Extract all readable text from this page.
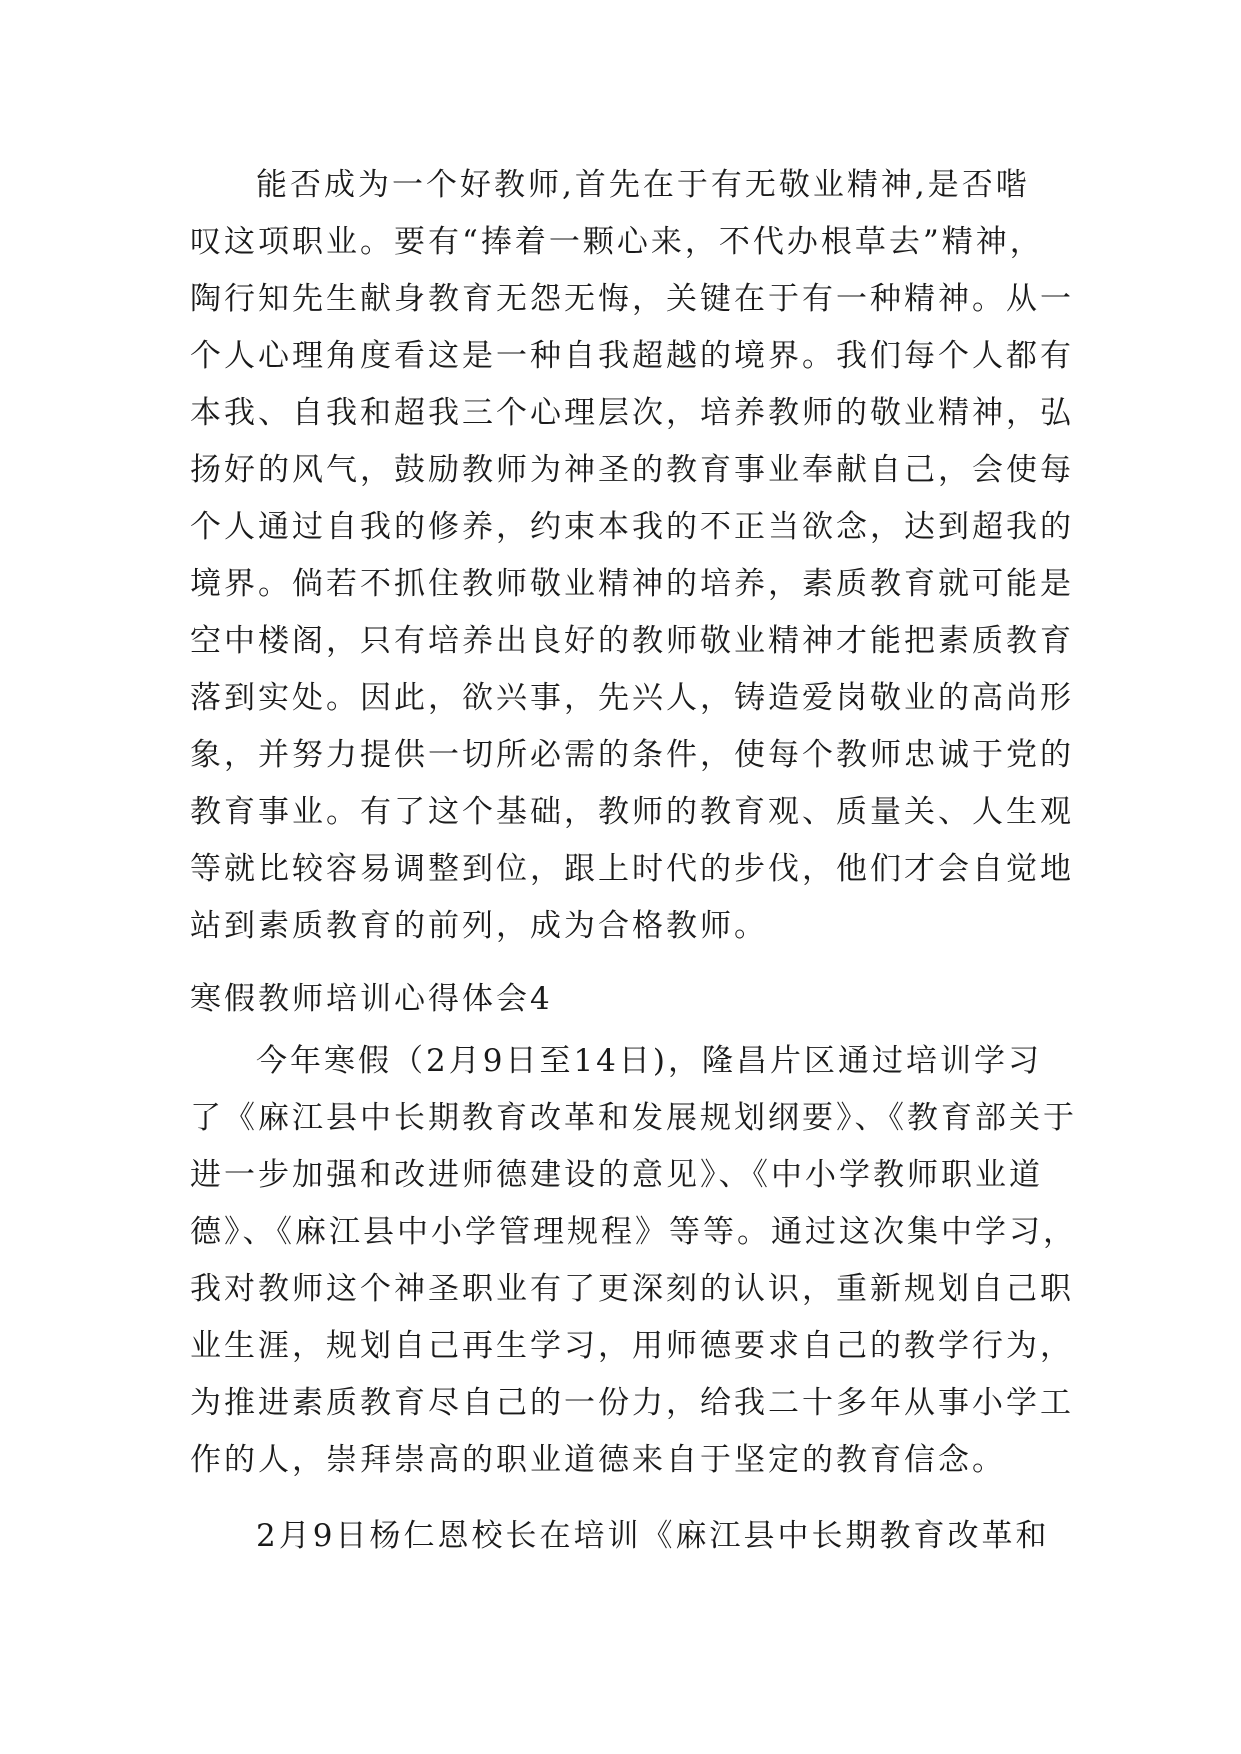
能否成为一个好教师,首先在于有无敬业精神,是否喈
叹这项职业。要有“捧着一颗心来，不代办根草去”精神，
陶行知先生献身教育无怨无悔，关键在于有一种精神。从一
个人心理角度看这是一种自我超越的境界。我们每个人都有
本我、自我和超我三个心理层次，培养教师的敬业精神，弘
扬好的风气，鼓励教师为神圣的教育事业奉献自己，会使每
个人通过自我的修养，约束本我的不正当欲念，达到超我的
境界。倘若不抓住教师敬业精神的培养，素质教育就可能是
空中楼阁，只有培养出良好的教师敬业精神才能把素质教育
落到实处。因此，欲兴事，先兴人，铸造爱岗敬业的高尚形
象，并努力提供一切所必需的条件，使每个教师忠诚于党的
教育事业。有了这个基础，教师的教育观、质量关、人生观
等就比较容易调整到位，跟上时代的步伐，他们才会自觉地
站到素质教育的前列，成为合格教师。
寒假教师培训心得体会4
今年寒假（2月9日至14日)，隆昌片区通过培训学习
了《麻江县中长期教育改革和发展规划纲要》、《教育部关于
进一步加强和改进师德建设的意见》、《中小学教师职业道
德》、《麻江县中小学管理规程》等等。通过这次集中学习，
我对教师这个神圣职业有了更深刻的认识，重新规划自己职
业生涯，规划自己再生学习，用师德要求自己的教学行为，
为推进素质教育尽自己的一份力，给我二十多年从事小学工
作的人，崇拜崇高的职业道德来自于坚定的教育信念。
2月9日杨仁恩校长在培训《麻江县中长期教育改革和
